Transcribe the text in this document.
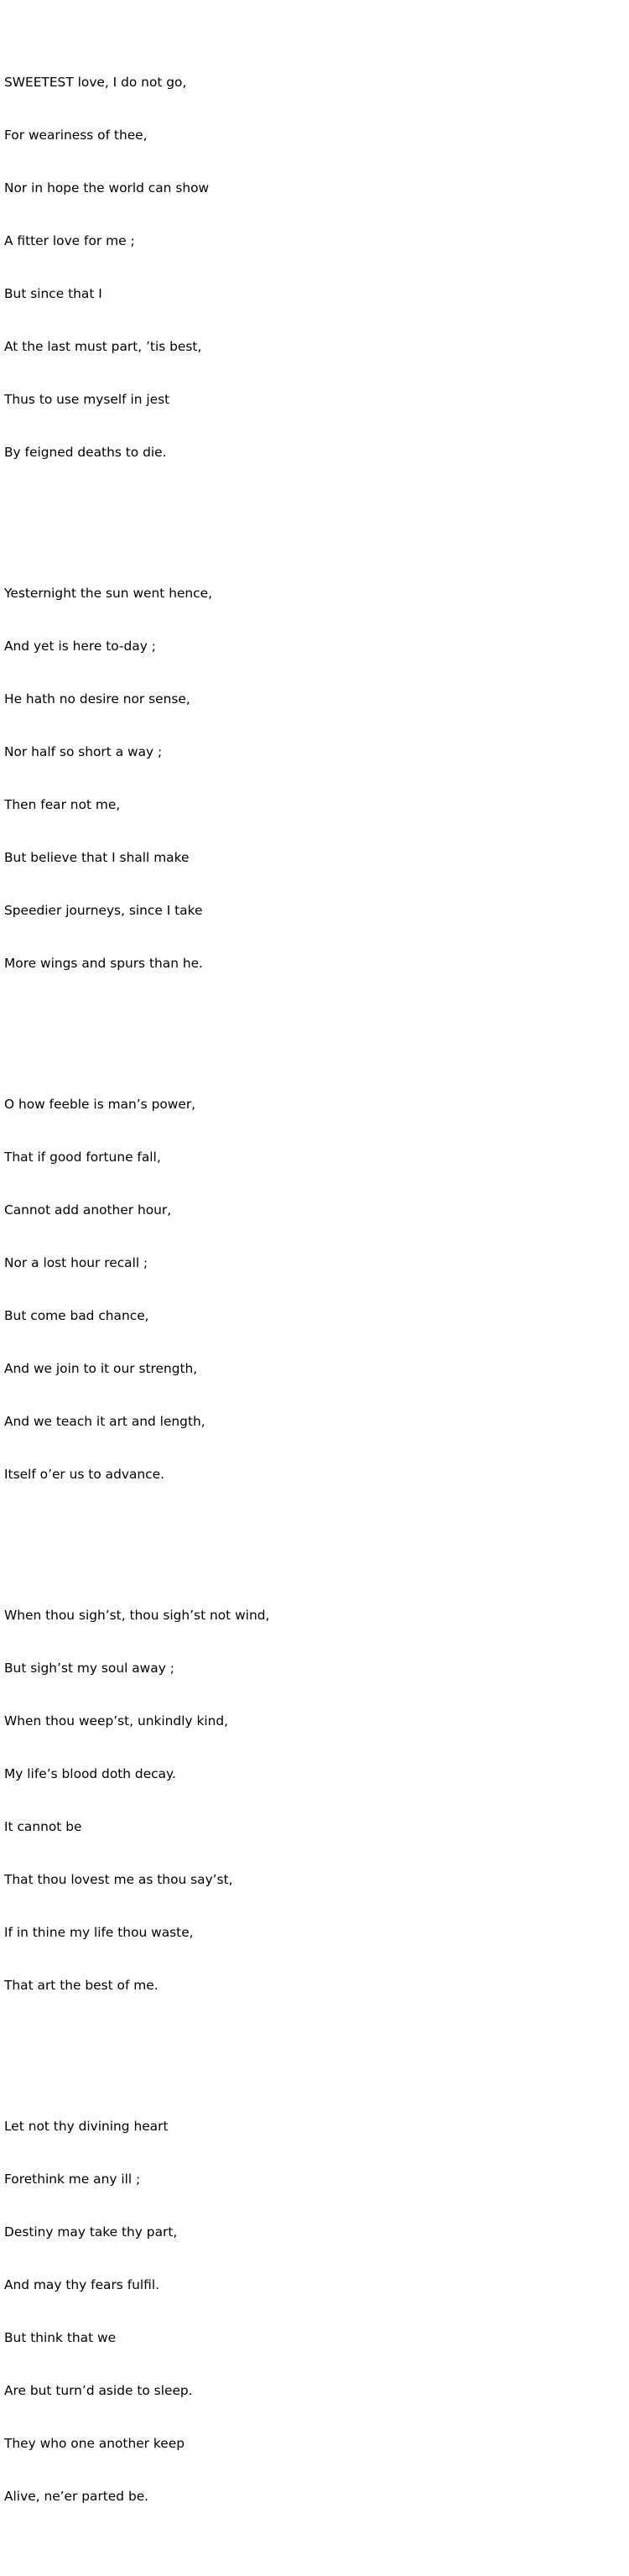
SWEETEST love, I do not go,

For weariness of thee,

Nor in hope the world can show

A fitter love for me ;

But since that I

At the last must part, ’tis best,

Thus to use myself in jest

By feigned deaths to die.

Yesternight the sun went hence,

And yet is here to-day ;

He hath no desire nor sense,

Nor half so short a way ;

Then fear not me,

But believe that I shall make

Speedier journeys, since I take

More wings and spurs than he.

O how feeble is man’s power,

That if good fortune fall,

Cannot add another hour,

Nor a lost hour recall ;

But come bad chance,

And we join to it our strength,

And we teach it art and length,

Itself o’er us to advance.

When thou sigh’st, thou sigh’st not wind,

But sigh’st my soul away ;

When thou weep’st, unkindly kind,

My life’s blood doth decay.

It cannot be

That thou lovest me as thou say’st,

If in thine my life thou waste,

That art the best of me.

Let not thy divining heart

Forethink me any ill ;

Destiny may take thy part,

And may thy fears fulfil.

But think that we

Are but turn’d aside to sleep.

They who one another keep

Alive, ne’er parted be.
